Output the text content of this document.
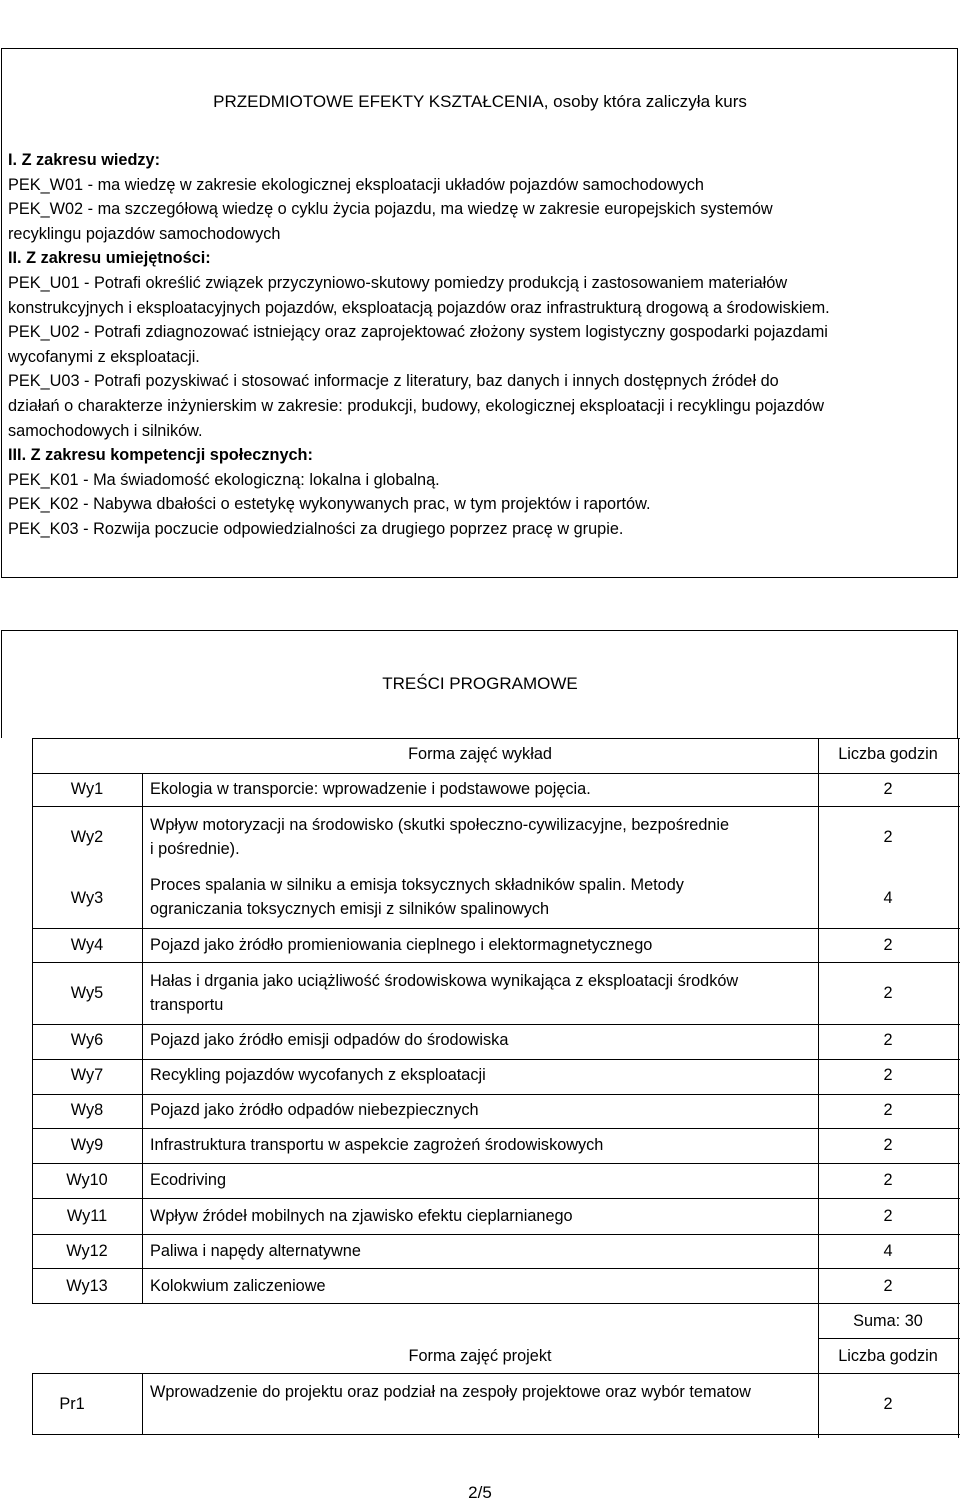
PRZEDMIOTOWE EFEKTY KSZTAŁCENIA, osoby która zaliczyła kurs
I. Z zakresu wiedzy:
PEK_W01 - ma wiedzę w zakresie ekologicznej eksploatacji układów pojazdów samochodowych
PEK_W02 - ma szczegółową wiedzę o cyklu życia pojazdu, ma wiedzę w zakresie europejskich systemów
recyklingu pojazdów samochodowych
II. Z zakresu umiejętności:
PEK_U01 - Potrafi określić związek przyczyniowo-skutowy pomiedzy produkcją i zastosowaniem materiałów
konstrukcyjnych i eksploatacyjnych pojazdów, eksploatacją pojazdów oraz infrastrukturą drogową a środowiskiem.
PEK_U02 - Potrafi zdiagnozować istniejący oraz zaprojektować złożony system logistyczny gospodarki pojazdami
wycofanymi z eksploatacji.
PEK_U03 - Potrafi pozyskiwać i stosować informacje z literatury, baz danych i innych dostępnych źródeł do
działań o charakterze inżynierskim w zakresie: produkcji, budowy, ekologicznej eksploatacji i recyklingu pojazdów
samochodowych i silników.
III. Z zakresu kompetencji społecznych:
PEK_K01 - Ma świadomość ekologiczną: lokalna i globalną.
PEK_K02 - Nabywa dbałości o estetykę wykonywanych prac, w tym projektów i raportów.
PEK_K03 - Rozwija poczucie odpowiedzialności za drugiego poprzez pracę w grupie.
TREŚCI PROGRAMOWE
Forma zajęć wykład	Liczba godzin
Wy1	Ekologia w transporcie: wprowadzenie i podstawowe pojęcia.	2
Wy2
Wpływ motoryzacji na środowisko (skutki społeczno-cywilizacyjne, bezpośrednie i pośrednie).
2
Wy3
Proces spalania w silniku a emisja toksycznych składników spalin. Metody ograniczania toksycznych emisji z silników spalinowych
4
Wy4	Pojazd jako żródło promieniowania cieplnego i elektormagnetycznego	2
Wy5
Hałas i drgania jako uciążliwość środowiskowa wynikająca z eksploatacji środków transportu
2
Wy6	Pojazd jako źródło emisji odpadów do środowiska	2
Wy7	Recykling pojazdów wycofanych z eksploatacji	2
Wy8	Pojazd jako żródło odpadów niebezpiecznych	2
Wy9	Infrastruktura transportu w aspekcie zagrożeń środowiskowych	2
Wy10	Ecodriving	2
Wy11	Wpływ źródeł mobilnych na zjawisko efektu cieplarnianego	2
Wy12	Paliwa i napędy alternatywne	4
Wy13	Kolokwium zaliczeniowe	2
Suma: 30
Forma zajęć projekt	Liczba godzin
Pr1
Wprowadzenie do projektu oraz podział na zespoły projektowe oraz wybór tematow
2
2/5
